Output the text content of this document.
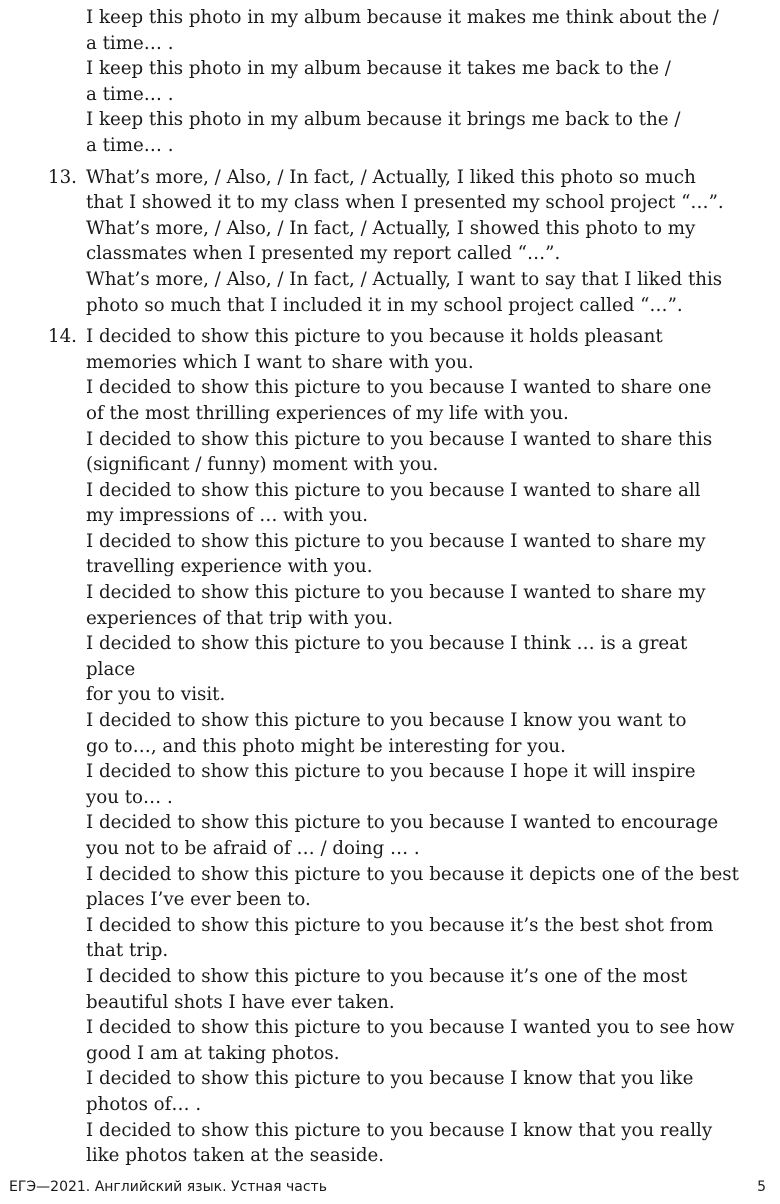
I keep this photo in my album because it makes me think about the /
a time… .
I keep this photo in my album because it takes me back to the /
a time… .
I keep this photo in my album because it brings me back to the /
a time… .
13. What’s more, / Also, / In fact, / Actually, I liked this photo so much
that I showed it to my class when I presented my school project “…”.
What’s more, / Also, / In fact, / Actually, I showed this photo to my
classmates when I presented my report called “…”.
What’s more, / Also, / In fact, / Actually, I want to say that I liked this
photo so much that I included it in my school project called “…”.
14. I decided to show this picture to you because it holds pleasant
memories which I want to share with you.
I decided to show this picture to you because I wanted to share one
of the most thrilling experiences of my life with you.
I decided to show this picture to you because I wanted to share this
(significant / funny) moment with you.
I decided to show this picture to you because I wanted to share all
my impressions of … with you.
I decided to show this picture to you because I wanted to share my
travelling experience with you.
I decided to show this picture to you because I wanted to share my
experiences of that trip with you.
I decided to show this picture to you because I think … is a great place
for you to visit.
I decided to show this picture to you because I know you want to
go to…, and this photo might be interesting for you.
I decided to show this picture to you because I hope it will inspire
you to… .
I decided to show this picture to you because I wanted to encourage
you not to be afraid of … / doing … .
I decided to show this picture to you because it depicts one of the best
places I’ve ever been to.
I decided to show this picture to you because it’s the best shot from
that trip.
I decided to show this picture to you because it’s one of the most
beautiful shots I have ever taken.
I decided to show this picture to you because I wanted you to see how
good I am at taking photos.
I decided to show this picture to you because I know that you like
photos of… .
I decided to show this picture to you because I know that you really
like photos taken at the seaside.
ЕГЭ—2021. Английский язык. Устная часть	5
